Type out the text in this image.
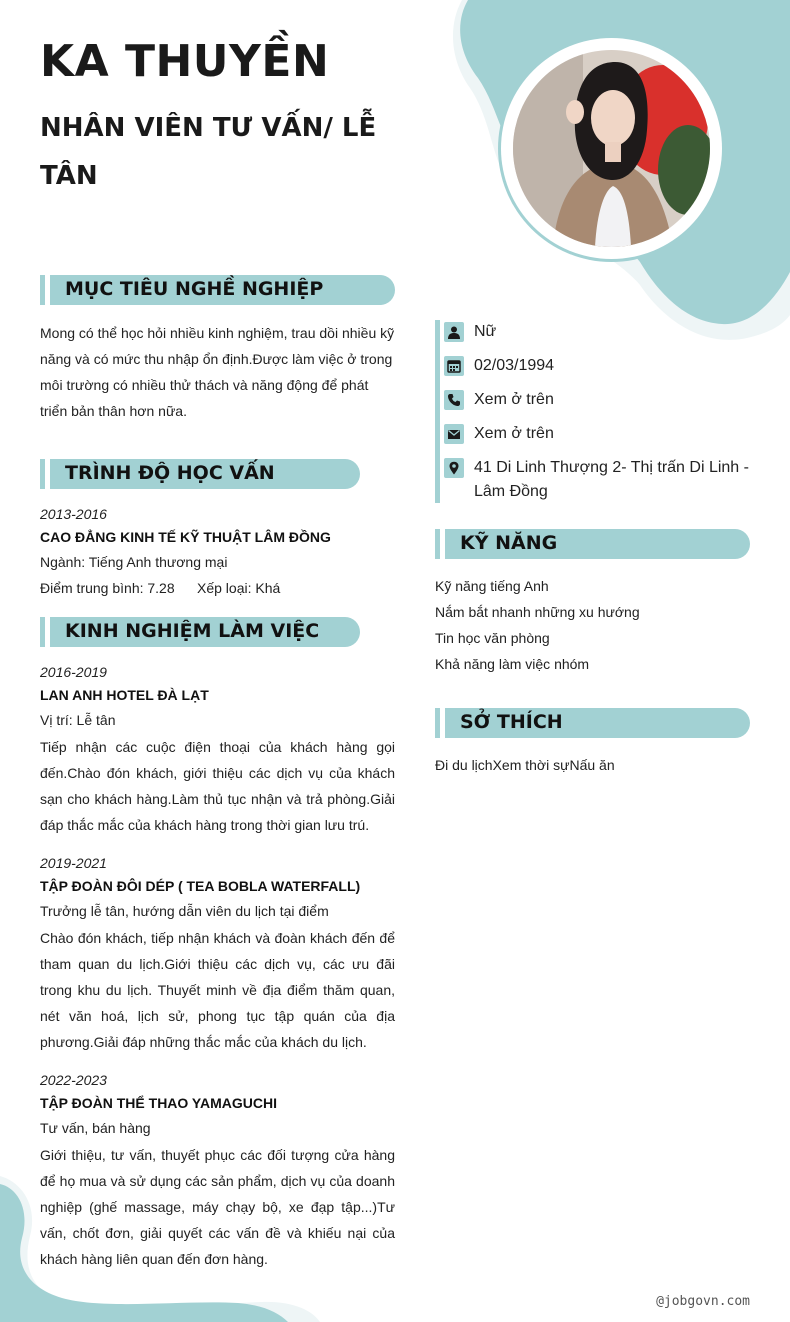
KA THUYỀN
NHÂN VIÊN TƯ VẤN/ LỄ TÂN
MỤC TIÊU NGHỀ NGHIỆP

Mong có thể học hỏi nhiều kinh nghiệm, trau dồi nhiều kỹ năng và có mức thu nhập ổn định.Được làm việc ở trong môi trường có nhiều thử thách và năng động để phát triển bản thân hơn nữa.

TRÌNH ĐỘ HỌC VẤN
2013-2016
CAO ĐẲNG KINH TẾ KỸ THUẬT LÂM ĐỒNG
Ngành: Tiếng Anh thương mại
Điểm trung bình: 7.28 Xếp loại: Khá
KINH NGHIỆM LÀM VIỆC
2016-2019
LAN ANH HOTEL ĐÀ LẠT
Vị trí: Lễ tân

Tiếp nhận các cuộc điện thoại của khách hàng gọi đến.Chào đón khách, giới thiệu các dịch vụ của khách sạn cho khách hàng.Làm thủ tục nhận và trả phòng.Giải đáp thắc mắc của khách hàng trong thời gian lưu trú.

2019-2021
TẬP ĐOÀN ĐÔI DÉP ( TEA BOBLA WATERFALL)
Trưởng lễ tân, hướng dẫn viên du lịch tại điểm

Chào đón khách, tiếp nhận khách và đoàn khách đến để tham quan du lịch.Giới thiệu các dịch vụ, các ưu đãi trong khu du lịch. Thuyết minh về địa điểm thăm quan, nét văn hoá, lịch sử, phong tục tập quán của địa phương.Giải đáp những thắc mắc của khách du lịch.

2022-2023
TẬP ĐOÀN THỂ THAO YAMAGUCHI
Tư vấn, bán hàng

Giới thiệu, tư vấn, thuyết phục các đối tượng cửa hàng để họ mua và sử dụng các sản phẩm, dịch vụ của doanh nghiệp (ghế massage, máy chạy bộ, xe đạp tập...)Tư vấn, chốt đơn, giải quyết các vấn đề và khiếu nại của khách hàng liên quan đến đơn hàng.

Nữ
02/03/1994
Xem ở trên
Xem ở trên
41 Di Linh Thượng 2- Thị trấn Di Linh - Lâm Đồng
KỸ NĂNG
Kỹ năng tiếng Anh
Nắm bắt nhanh những xu hướng
Tin học văn phòng
Khả năng làm việc nhóm
SỞ THÍCH
Đi du lịchXem thời sựNấu ăn
@jobgovn.com
